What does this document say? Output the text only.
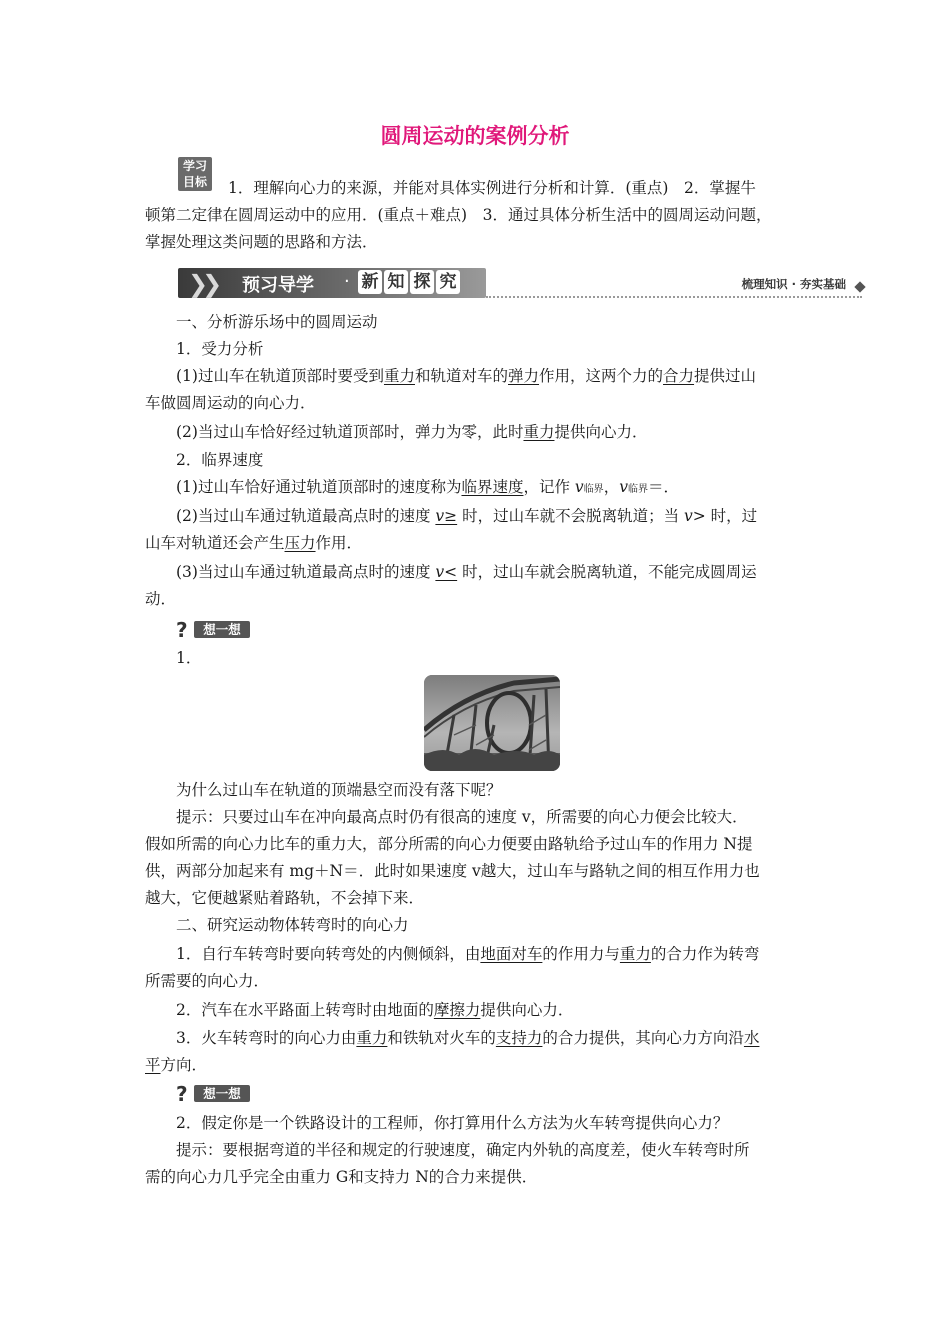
圆周运动的案例分析
学习
目标	1．理解向心力的来源，并能对具体实例进行分析和计算．(重点)　2．掌握牛
顿第二定律在圆周运动中的应用．(重点＋难点)　3．通过具体分析生活中的圆周运动问题，
掌握处理这类问题的思路和方法．
❯❯ 预习导学 · 新 知 探 究	梳理知识 · 夯实基础
一、分析游乐场中的圆周运动
1．受力分析
(1)过山车在轨道顶部时要受到重力和轨道对车的弹力作用，这两个力的合力提供过山
车做圆周运动的向心力．
(2)当过山车恰好经过轨道顶部时，弹力为零，此时重力提供向心力．
2．临界速度
(1)过山车恰好通过轨道顶部时的速度称为临界速度，记作 v临界，v临界＝．
(2)当过山车通过轨道最高点时的速度 v≥ 时，过山车就不会脱离轨道；当 v> 时，过
山车对轨道还会产生压力作用．
(3)当过山车通过轨道最高点时的速度 v< 时，过山车就会脱离轨道，不能完成圆周运
动．
?	想一想
1．
为什么过山车在轨道的顶端悬空而没有落下呢？
提示：只要过山车在冲向最高点时仍有很高的速度 v，所需要的向心力便会比较大．
假如所需的向心力比车的重力大，部分所需的向心力便要由路轨给予过山车的作用力 N提
供，两部分加起来有 mg＋N＝．此时如果速度 v越大，过山车与路轨之间的相互作用力也
越大，它便越紧贴着路轨，不会掉下来．
二、研究运动物体转弯时的向心力
1．自行车转弯时要向转弯处的内侧倾斜，由地面对车的作用力与重力的合力作为转弯
所需要的向心力．
2．汽车在水平路面上转弯时由地面的摩擦力提供向心力．
3．火车转弯时的向心力由重力和铁轨对火车的支持力的合力提供，其向心力方向沿水
平方向．
?	想一想
2．假定你是一个铁路设计的工程师，你打算用什么方法为火车转弯提供向心力？
提示：要根据弯道的半径和规定的行驶速度，确定内外轨的高度差，使火车转弯时所
需的向心力几乎完全由重力 G和支持力 N的合力来提供．
